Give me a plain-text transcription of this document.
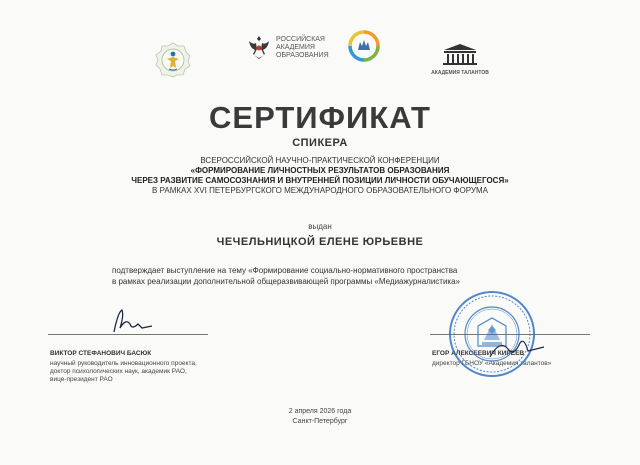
РОССИЙСКАЯ
АКАДЕМИЯ
ОБРАЗОВАНИЯ
АКАДЕМИЯ ТАЛАНТОВ
СЕРТИФИКАТ
СПИКЕРА
ВСЕРОССИЙСКОЙ НАУЧНО-ПРАКТИЧЕСКОЙ КОНФЕРЕНЦИИ
«ФОРМИРОВАНИЕ ЛИЧНОСТНЫХ РЕЗУЛЬТАТОВ ОБРАЗОВАНИЯ
ЧЕРЕЗ РАЗВИТИЕ САМОСОЗНАНИЯ И ВНУТРЕННЕЙ ПОЗИЦИИ ЛИЧНОСТИ ОБУЧАЮЩЕГОСЯ»
В РАМКАХ XVI ПЕТЕРБУРГСКОГО МЕЖДУНАРОДНОГО ОБРАЗОВАТЕЛЬНОГО ФОРУМА
выдан
ЧЕЧЕЛЬНИЦКОЙ ЕЛЕНЕ ЮРЬЕВНЕ
подтверждает выступление на тему «Формирование социально-нормативного пространства
в рамках реализации дополнительной общеразвивающей программы «Медиажурналистика»
ВИКТОР СТЕФАНОВИЧ БАСЮК
научный руководитель инновационного проекта,
доктор психологических наук, академик РАО,
вице-президент РАО
ЕГОР АЛЕКСЕЕВИЧ КИРЕЕВ
директор ГБНОУ «Академия талантов»
2 апреля 2026 года
Санкт-Петербург
